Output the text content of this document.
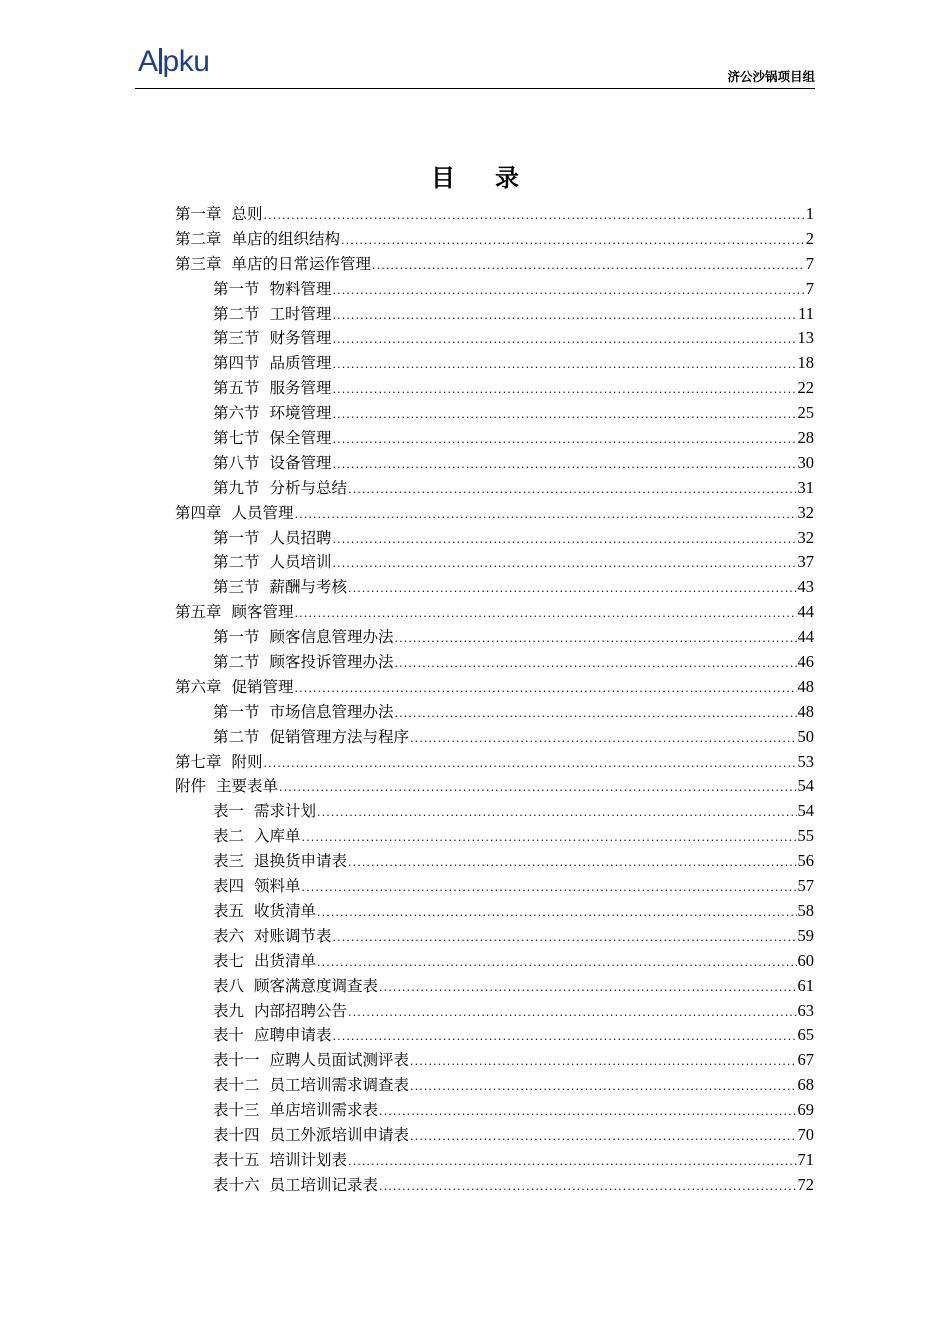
A pku	济公沙锅项目组
目 录
第一章 总则 .....	1
第二章 单店的组织结构 .....	2
第三章 单店的日常运作管理 .....	7
第一节 物料管理 .....	7
第二节 工时管理 .....	11
第三节 财务管理 .....	13
第四节 品质管理 .....	18
第五节 服务管理 .....	22
第六节 环境管理 .....	25
第七节 保全管理 .....	28
第八节 设备管理 .....	30
第九节 分析与总结 .....	31
第四章 人员管理 .....	32
第一节 人员招聘 .....	32
第二节 人员培训 .....	37
第三节 薪酬与考核 .....	43
第五章 顾客管理 .....	44
第一节 顾客信息管理办法 .....	44
第二节 顾客投诉管理办法 .....	46
第六章 促销管理 .....	48
第一节 市场信息管理办法 .....	48
第二节 促销管理方法与程序 .....	50
第七章 附则 .....	53
附件 主要表单 .....	54
表一 需求计划 .....	54
表二 入库单 .....	55
表三 退换货申请表 .....	56
表四 领料单 .....	57
表五 收货清单 .....	58
表六 对账调节表 .....	59
表七 出货清单 .....	60
表八 顾客满意度调查表 .....	61
表九 内部招聘公告 .....	63
表十 应聘申请表 .....	65
表十一 应聘人员面试测评表 .....	67
表十二 员工培训需求调查表 .....	68
表十三 单店培训需求表 .....	69
表十四 员工外派培训申请表 .....	70
表十五 培训计划表 .....	71
表十六 员工培训记录表 .....	72
